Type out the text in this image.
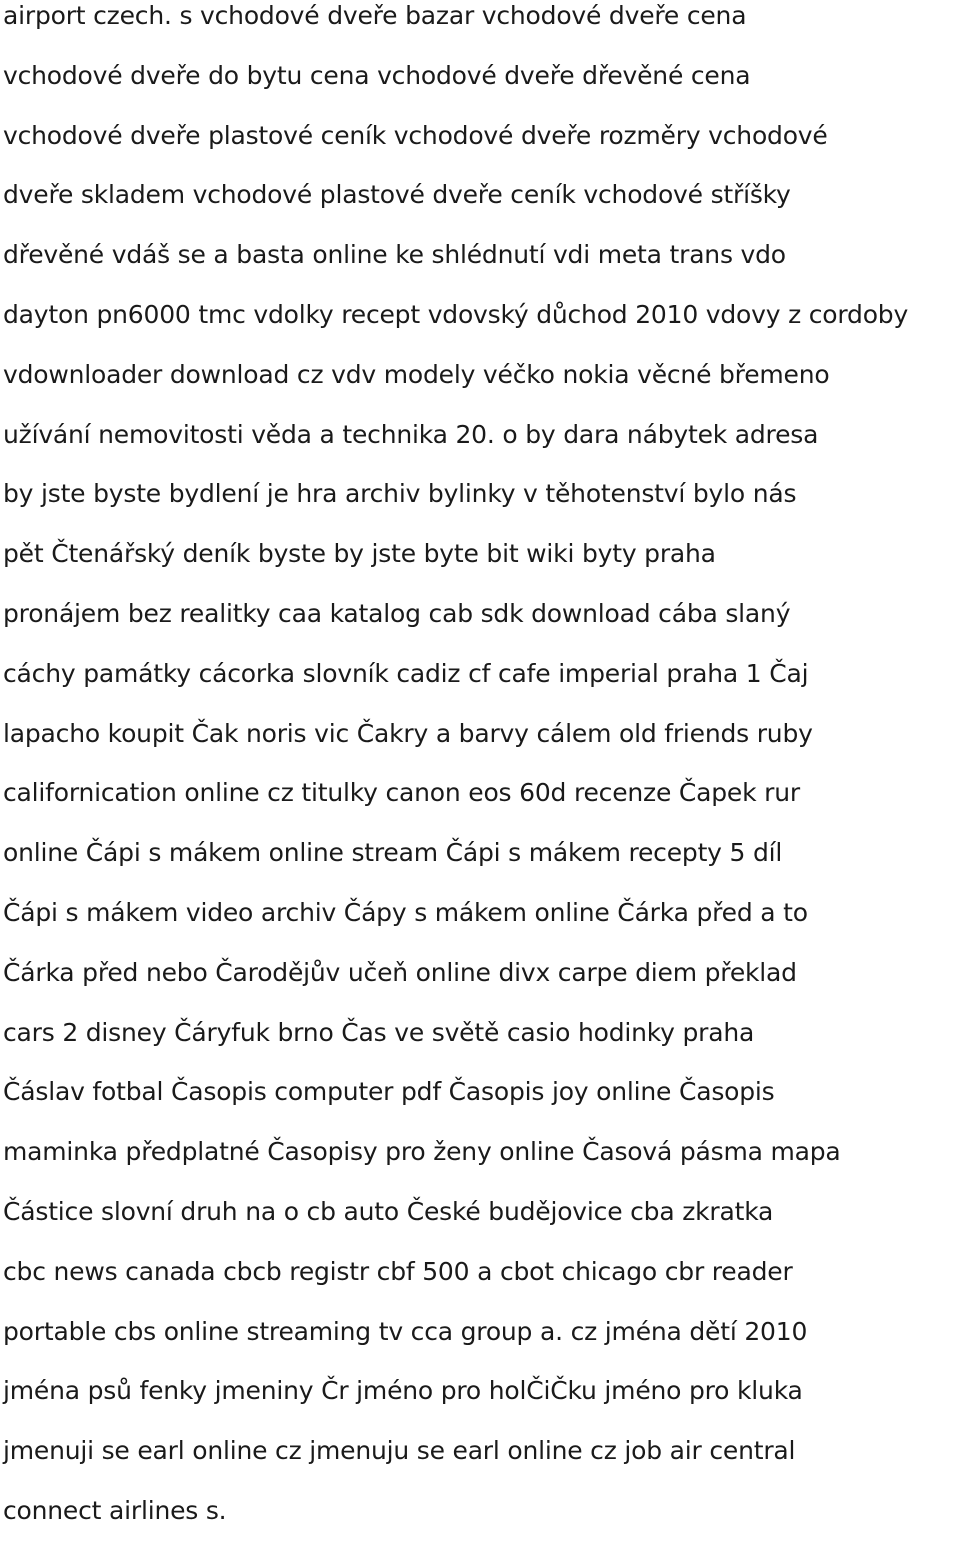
airport czech. s vchodové dveře bazar vchodové dveře cena
vchodové dveře do bytu cena vchodové dveře dřevěné cena
vchodové dveře plastové ceník vchodové dveře rozměry vchodové
dveře skladem vchodové plastové dveře ceník vchodové stříšky
dřevěné vdáš se a basta online ke shlédnutí vdi meta trans vdo
dayton pn6000 tmc vdolky recept vdovský důchod 2010 vdovy z cordoby
vdownloader download cz vdv modely véčko nokia věcné břemeno
užívání nemovitosti věda a technika 20. o by dara nábytek adresa
by jste byste bydlení je hra archiv bylinky v těhotenství bylo nás
pět Čtenářský deník byste by jste byte bit wiki byty praha
pronájem bez realitky caa katalog cab sdk download cába slaný
cáchy památky cácorka slovník cadiz cf cafe imperial praha 1 Čaj
lapacho koupit Čak noris vic Čakry a barvy cálem old friends ruby
californication online cz titulky canon eos 60d recenze Čapek rur
online Čápi s mákem online stream Čápi s mákem recepty 5 díl
Čápi s mákem video archiv Čápy s mákem online Čárka před a to
Čárka před nebo Čarodějův učeň online divx carpe diem překlad
cars 2 disney Čáryfuk brno Čas ve světě casio hodinky praha
Čáslav fotbal Časopis computer pdf Časopis joy online Časopis
maminka předplatné Časopisy pro ženy online Časová pásma mapa
Částice slovní druh na o cb auto České budějovice cba zkratka
cbc news canada cbcb registr cbf 500 a cbot chicago cbr reader
portable cbs online streaming tv cca group a. cz jména dětí 2010
jména psů fenky jmeniny Čr jméno pro holČiČku jméno pro kluka
jmenuji se earl online cz jmenuju se earl online cz job air central
connect airlines s.
